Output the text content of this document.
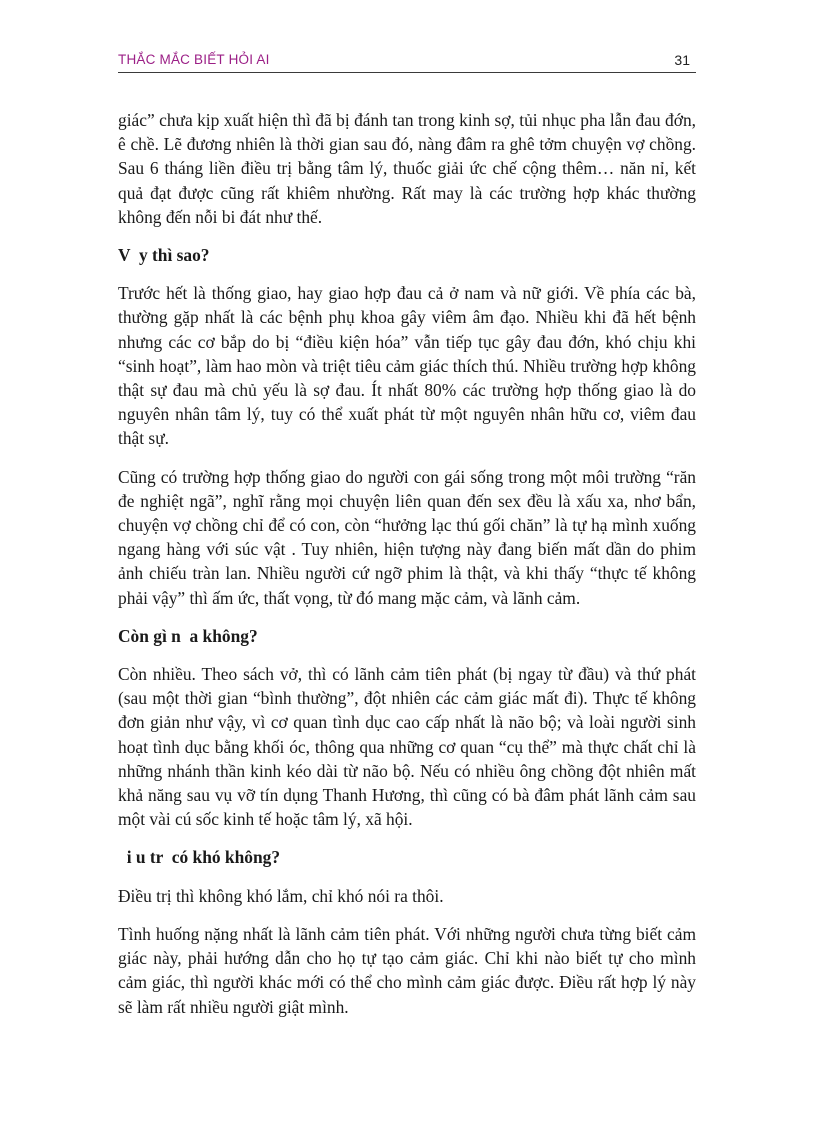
THẮC MẮC BIẾT HỎI AI	31

giác” chưa kịp xuất hiện thì đã bị đánh tan trong kinh sợ, tủi nhục pha lẫn đau đớn, ê chề. Lẽ đương nhiên là thời gian sau đó, nàng đâm ra ghê tởm chuyện vợ chồng. Sau 6 tháng liền điều trị bằng tâm lý, thuốc giải ức chế cộng thêm… năn nỉ, kết quả đạt được cũng rất khiêm nhường. Rất may là các trường hợp khác thường không đến nỗi bi đát như thế.

V  y thì sao?

Trước hết là thống giao, hay giao hợp đau cả ở nam và nữ giới. Về phía các bà, thường gặp nhất là các bệnh phụ khoa gây viêm âm đạo. Nhiều khi đã hết bệnh nhưng các cơ bắp do bị “điều kiện hóa” vẫn tiếp tục gây đau đớn, khó chịu khi “sinh hoạt”, làm hao mòn và triệt tiêu cảm giác thích thú. Nhiều trường hợp không thật sự đau mà chủ yếu là sợ đau. Ít nhất 80% các trường hợp thống giao là do nguyên nhân tâm lý, tuy có thể xuất phát từ một nguyên nhân hữu cơ, viêm đau thật sự.

Cũng có trường hợp thống giao do người con gái sống trong một môi trường “răn đe nghiệt ngã”, nghĩ rằng mọi chuyện liên quan đến sex đều là xấu xa, nhơ bẩn, chuyện vợ chồng chỉ để có con, còn “hưởng lạc thú gối chăn” là tự hạ mình xuống ngang hàng với súc vật . Tuy nhiên, hiện tượng này đang biến mất dần do phim ảnh chiếu tràn lan. Nhiều người cứ ngỡ phim là thật, và khi thấy “thực tế không phải vậy” thì ấm ức, thất vọng, từ đó mang mặc cảm, và lãnh cảm.

Còn gì n  a không?

Còn nhiều. Theo sách vở, thì có lãnh cảm tiên phát (bị ngay từ đầu) và thứ phát (sau một thời gian “bình thường”, đột nhiên các cảm giác mất đi). Thực tế không đơn giản như vậy, vì cơ quan tình dục cao cấp nhất là não bộ; và loài người sinh hoạt tình dục bằng khối óc, thông qua những cơ quan “cụ thể” mà thực chất chỉ là những nhánh thần kinh kéo dài từ não bộ. Nếu có nhiều ông chồng đột nhiên mất khả năng sau vụ vỡ tín dụng Thanh Hương, thì cũng có bà đâm phát lãnh cảm sau một vài cú sốc kinh tế hoặc tâm lý, xã hội.

i u tr  có khó không?

Điều trị thì không khó lắm, chỉ khó nói ra thôi.

Tình huống nặng nhất là lãnh cảm tiên phát. Với những người chưa từng biết cảm giác này, phải hướng dẫn cho họ tự tạo cảm giác. Chỉ khi nào biết tự cho mình cảm giác, thì người khác mới có thể cho mình cảm giác được. Điều rất hợp lý này sẽ làm rất nhiều người giật mình.
